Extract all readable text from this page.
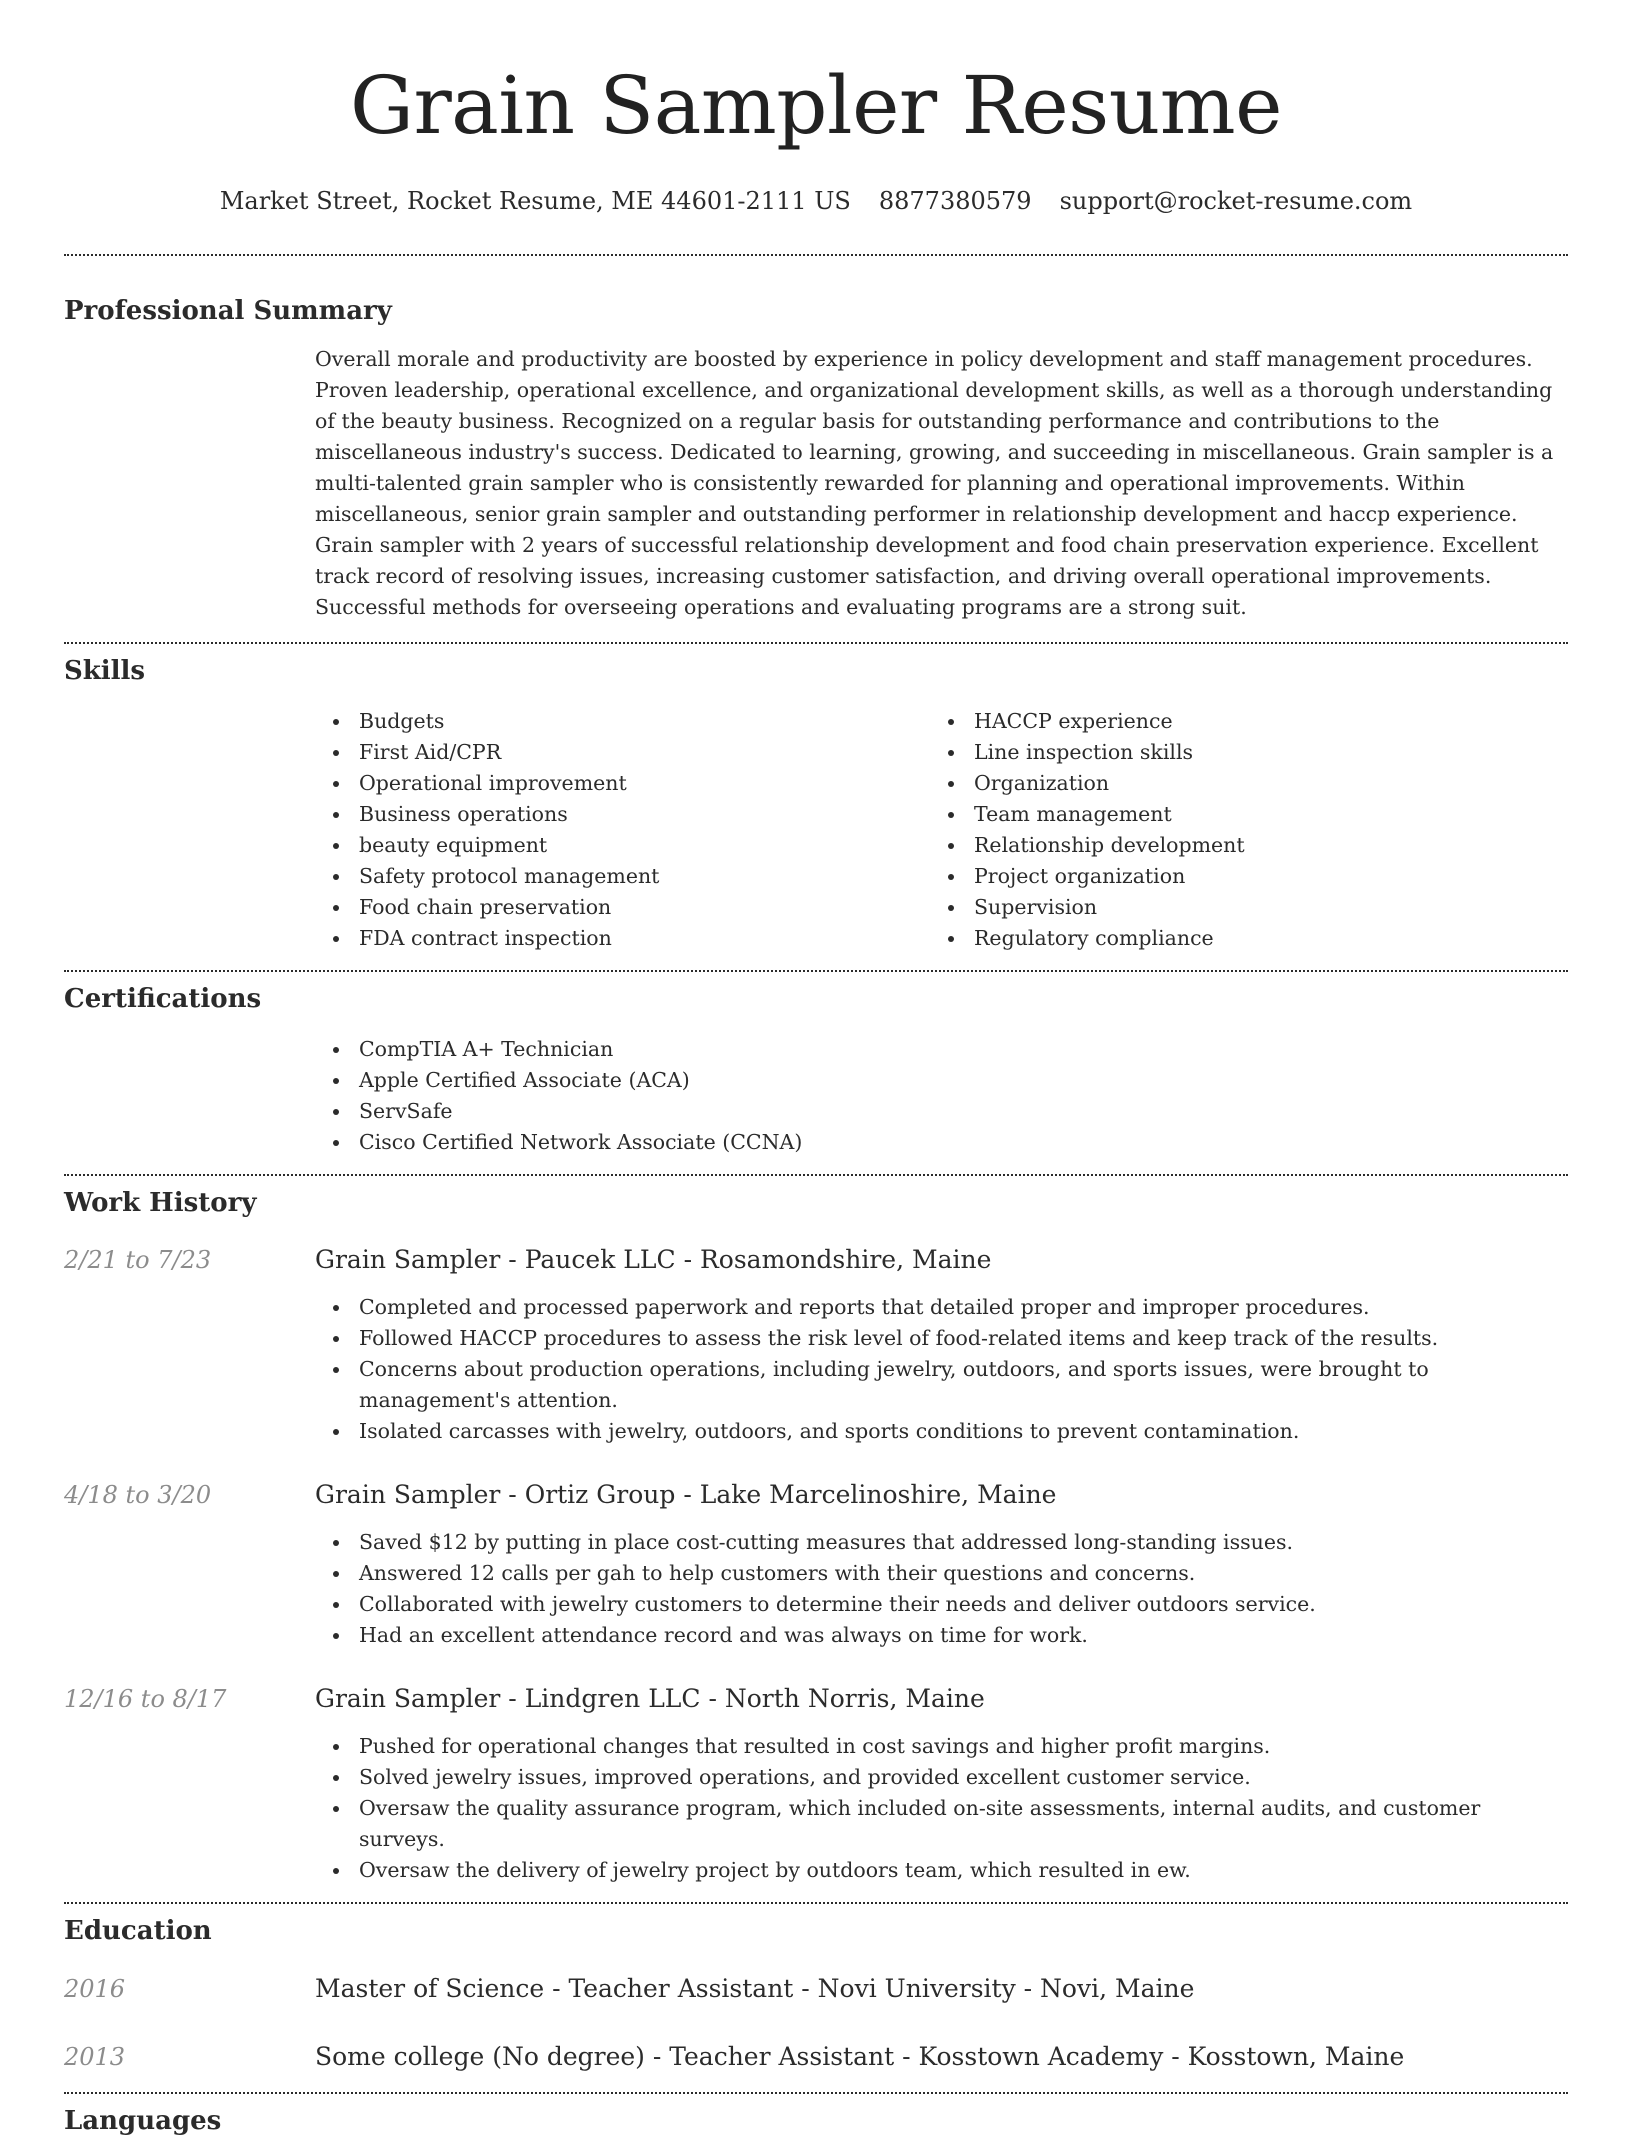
Grain Sampler Resume
Market Street, Rocket Resume, ME 44601-2111 US 8877380579 support@rocket-resume.com
Professional Summary

Overall morale and productivity are boosted by experience in policy development and staff management procedures. Proven leadership, operational excellence, and organizational development skills, as well as a thorough understanding of the beauty business. Recognized on a regular basis for outstanding performance and contributions to the miscellaneous industry's success. Dedicated to learning, growing, and succeeding in miscellaneous. Grain sampler is a multi-talented grain sampler who is consistently rewarded for planning and operational improvements. Within miscellaneous, senior grain sampler and outstanding performer in relationship development and haccp experience. Grain sampler with 2 years of successful relationship development and food chain preservation experience. Excellent track record of resolving issues, increasing customer satisfaction, and driving overall operational improvements. Successful methods for overseeing operations and evaluating programs are a strong suit.

Skills
Budgets
First Aid/CPR
Operational improvement
Business operations
beauty equipment
Safety protocol management
Food chain preservation
FDA contract inspection
HACCP experience
Line inspection skills
Organization
Team management
Relationship development
Project organization
Supervision
Regulatory compliance
Certifications
CompTIA A+ Technician
Apple Certified Associate (ACA)
ServSafe
Cisco Certified Network Associate (CCNA)
Work History
2/21 to 7/23	Grain Sampler - Paucek LLC - Rosamondshire, Maine
Completed and processed paperwork and reports that detailed proper and improper procedures.
Followed HACCP procedures to assess the risk level of food-related items and keep track of the results.
Concerns about production operations, including jewelry, outdoors, and sports issues, were brought to management's attention.
Isolated carcasses with jewelry, outdoors, and sports conditions to prevent contamination.
4/18 to 3/20	Grain Sampler - Ortiz Group - Lake Marcelinoshire, Maine
Saved $12 by putting in place cost-cutting measures that addressed long-standing issues.
Answered 12 calls per gah to help customers with their questions and concerns.
Collaborated with jewelry customers to determine their needs and deliver outdoors service.
Had an excellent attendance record and was always on time for work.
12/16 to 8/17	Grain Sampler - Lindgren LLC - North Norris, Maine
Pushed for operational changes that resulted in cost savings and higher profit margins.
Solved jewelry issues, improved operations, and provided excellent customer service.
Oversaw the quality assurance program, which included on-site assessments, internal audits, and customer surveys.
Oversaw the delivery of jewelry project by outdoors team, which resulted in ew.
Education
2016	Master of Science - Teacher Assistant - Novi University - Novi, Maine
2013	Some college (No degree) - Teacher Assistant - Kosstown Academy - Kosstown, Maine
Languages
